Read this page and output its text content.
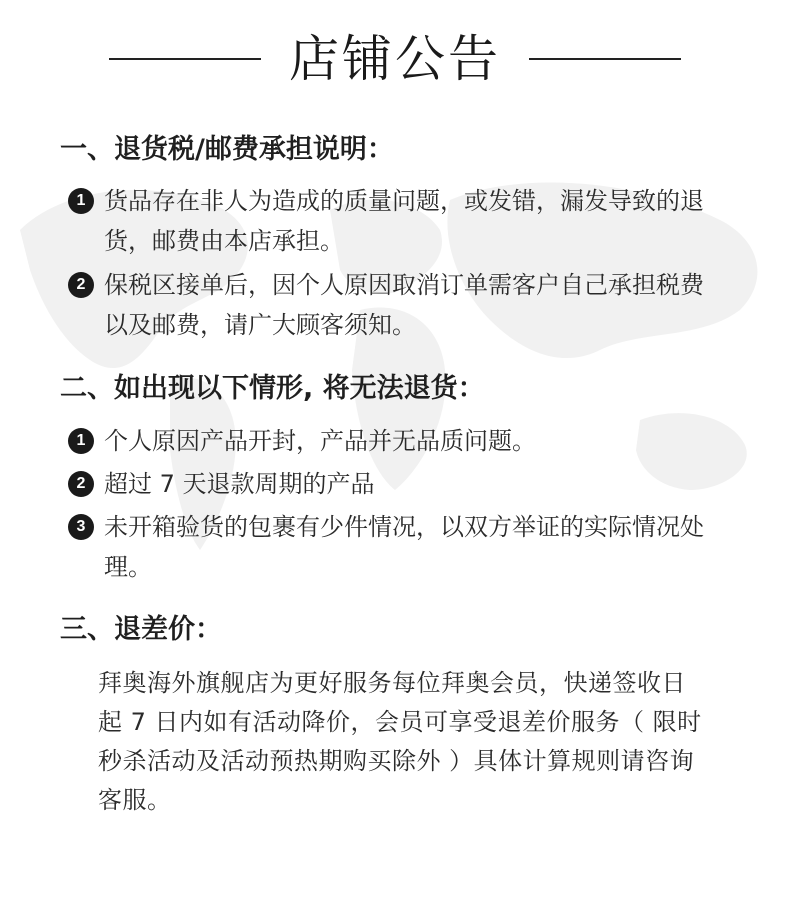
店铺公告
一、退货税/邮费承担说明：
1 货品存在非人为造成的质量问题，或发错，漏发导致的退货，邮费由本店承担。
2 保税区接单后，因个人原因取消订单需客户自己承担税费以及邮费，请广大顾客须知。
二、如出现以下情形, 将无法退货：
1 个人原因产品开封，产品并无品质问题。
2 超过 7 天退款周期的产品
3 未开箱验货的包裹有少件情况，以双方举证的实际情况处理。
三、退差价：
拜奥海外旗舰店为更好服务每位拜奥会员，快递签收日起 7 日内如有活动降价，会员可享受退差价服务（ 限时秒杀活动及活动预热期购买除外 ）具体计算规则请咨询客服。
